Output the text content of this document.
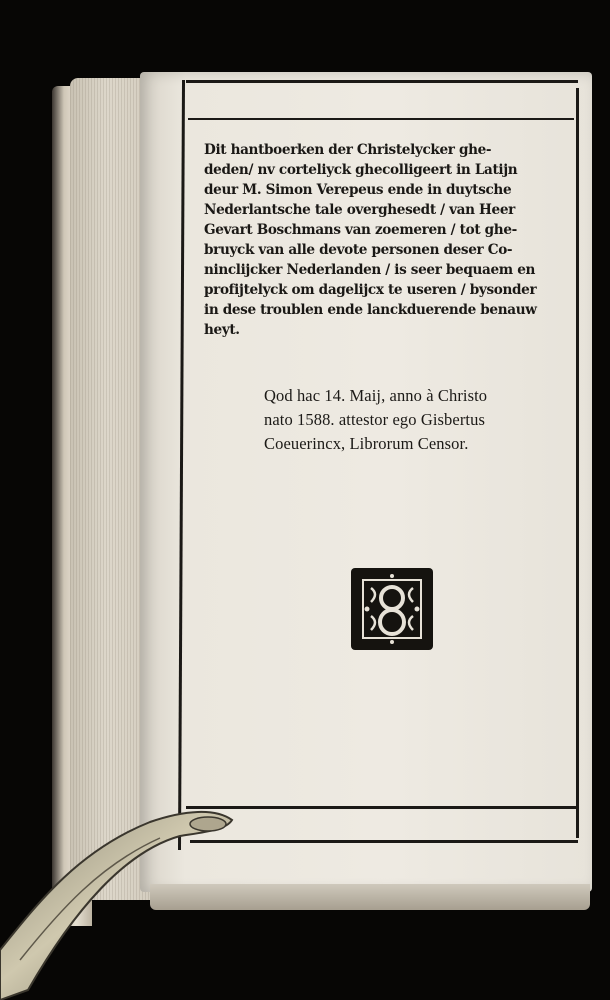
Dit hantboerken der Christelycker ghe-
deden/ nv corteliyck ghecolligeert in Latijn
deur M. Simon Verepeus ende in duytsche
Nederlantsche tale overghesedt / van Heer
Gevart Boschmans van zoemeren / tot ghe-
bruyck van alle devote personen deser Co-
ninclijcker Nederlanden / is seer bequaem en
profijtelyck om dagelijcx te useren / bysonder
in dese troublen ende lanckduerende benauw
heyt.

Qod hac 14. Maij, anno à Christo
nato 1588. attestor ego Gisbertus
Coeuerincx, Librorum Censor.
